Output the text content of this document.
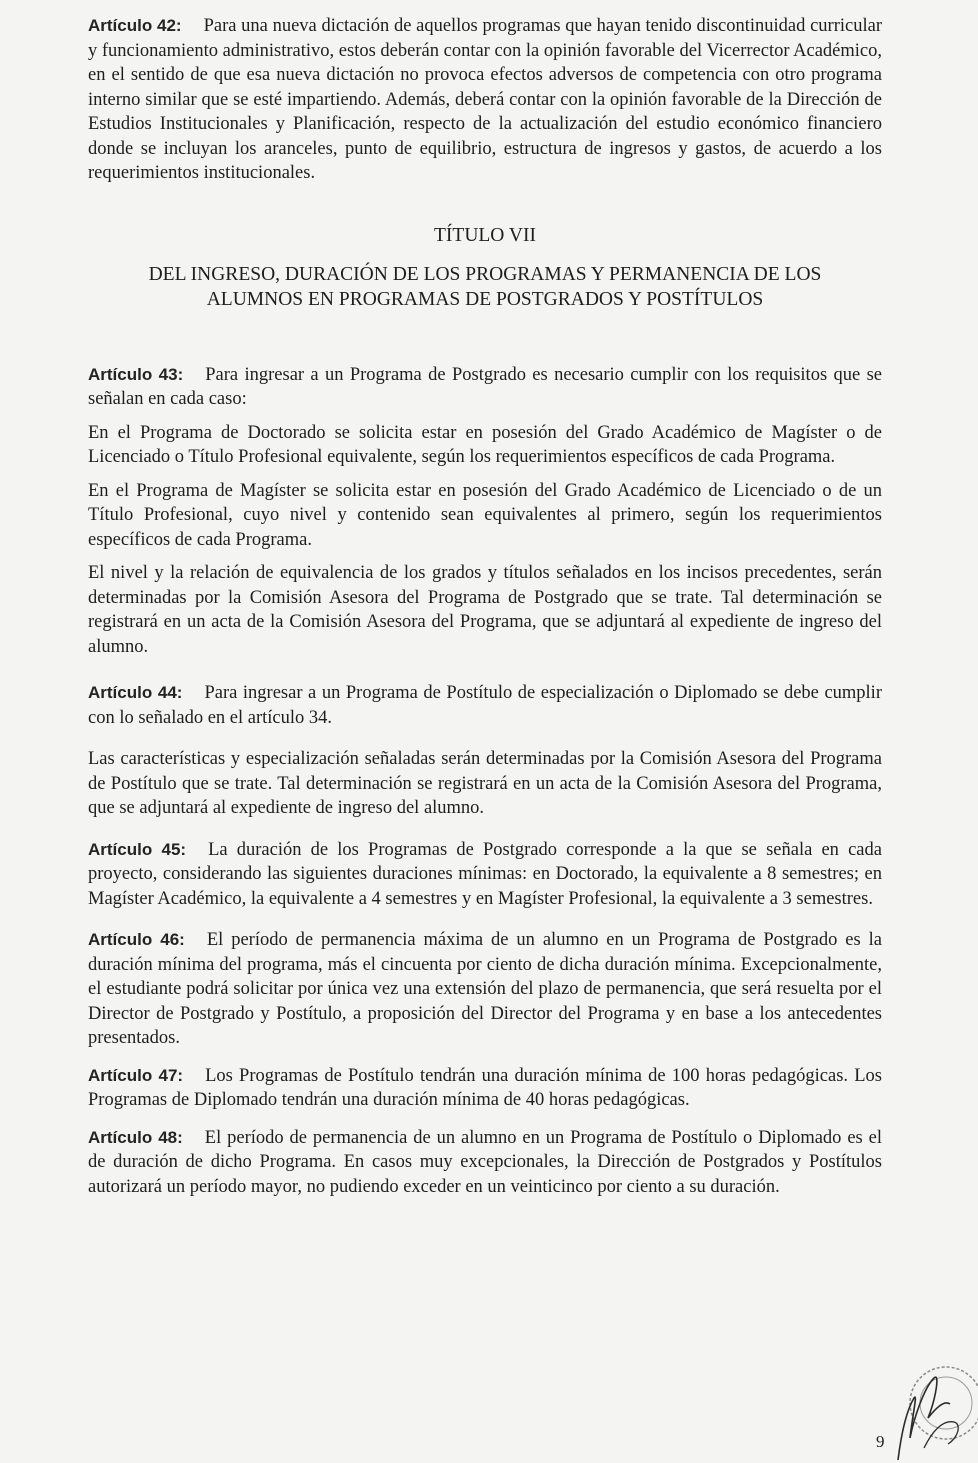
Artículo 42: Para una nueva dictación de aquellos programas que hayan tenido discontinuidad curricular y funcionamiento administrativo, estos deberán contar con la opinión favorable del Vicerrector Académico, en el sentido de que esa nueva dictación no provoca efectos adversos de competencia con otro programa interno similar que se esté impartiendo. Además, deberá contar con la opinión favorable de la Dirección de Estudios Institucionales y Planificación, respecto de la actualización del estudio económico financiero donde se incluyan los aranceles, punto de equilibrio, estructura de ingresos y gastos, de acuerdo a los requerimientos institucionales.

TÍTULO VII

DEL INGRESO, DURACIÓN DE LOS PROGRAMAS Y PERMANENCIA DE LOS

ALUMNOS EN PROGRAMAS DE POSTGRADOS Y POSTÍTULOS

Artículo 43: Para ingresar a un Programa de Postgrado es necesario cumplir con los requisitos que se señalan en cada caso:

En el Programa de Doctorado se solicita estar en posesión del Grado Académico de Magíster o de Licenciado o Título Profesional equivalente, según los requerimientos específicos de cada Programa.

En el Programa de Magíster se solicita estar en posesión del Grado Académico de Licenciado o de un Título Profesional, cuyo nivel y contenido sean equivalentes al primero, según los requerimientos específicos de cada Programa.

El nivel y la relación de equivalencia de los grados y títulos señalados en los incisos precedentes, serán determinadas por la Comisión Asesora del Programa de Postgrado que se trate. Tal determinación se registrará en un acta de la Comisión Asesora del Programa, que se adjuntará al expediente de ingreso del alumno.

Artículo 44: Para ingresar a un Programa de Postítulo de especialización o Diplomado se debe cumplir con lo señalado en el artículo 34.

Las características y especialización señaladas serán determinadas por la Comisión Asesora del Programa de Postítulo que se trate. Tal determinación se registrará en un acta de la Comisión Asesora del Programa, que se adjuntará al expediente de ingreso del alumno.

Artículo 45: La duración de los Programas de Postgrado corresponde a la que se señala en cada proyecto, considerando las siguientes duraciones mínimas: en Doctorado, la equivalente a 8 semestres; en Magíster Académico, la equivalente a 4 semestres y en Magíster Profesional, la equivalente a 3 semestres.

Artículo 46: El período de permanencia máxima de un alumno en un Programa de Postgrado es la duración mínima del programa, más el cincuenta por ciento de dicha duración mínima. Excepcionalmente, el estudiante podrá solicitar por única vez una extensión del plazo de permanencia, que será resuelta por el Director de Postgrado y Postítulo, a proposición del Director del Programa y en base a los antecedentes presentados.

Artículo 47: Los Programas de Postítulo tendrán una duración mínima de 100 horas pedagógicas. Los Programas de Diplomado tendrán una duración mínima de 40 horas pedagógicas.

Artículo 48: El período de permanencia de un alumno en un Programa de Postítulo o Diplomado es el de duración de dicho Programa. En casos muy excepcionales, la Dirección de Postgrados y Postítulos autorizará un período mayor, no pudiendo exceder en un veinticinco por ciento a su duración.

9
